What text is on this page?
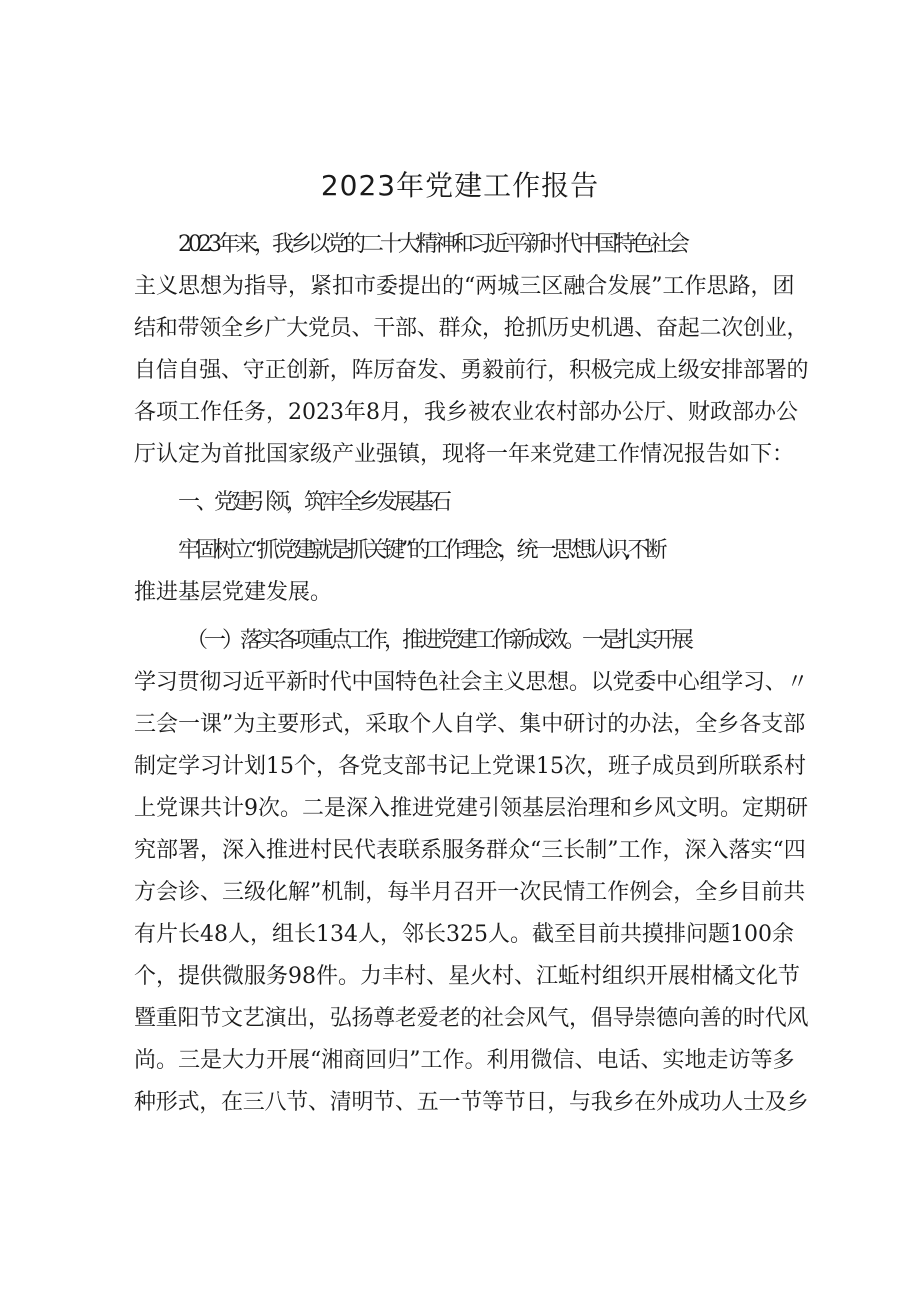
2023年党建工作报告
2023年来，我乡以党的二十大精神和习近平新时代中国特色社会
主义思想为指导，紧扣市委提出的“两城三区融合发展”工作思路，团
结和带领全乡广大党员、干部、群众，抢抓历史机遇、奋起二次创业，
自信自强、守正创新，阵厉奋发、勇毅前行，积极完成上级安排部署的
各项工作任务，2023年8月，我乡被农业农村部办公厅、财政部办公
厅认定为首批国家级产业强镇，现将一年来党建工作情况报告如下：
一、党建引领，筑牢全乡发展基石
牢固树立“抓党建就是抓关键”的工作理念，统一思想认识,不断
推进基层党建发展。
（一）落实各项重点工作，推进党建工作新成效。一是扎实开展
学习贯彻习近平新时代中国特色社会主义思想。以党委中心组学习、〃
三会一课”为主要形式，采取个人自学、集中研讨的办法，全乡各支部
制定学习计划15个，各党支部书记上党课15次，班子成员到所联系村
上党课共计9次。二是深入推进党建引领基层治理和乡风文明。定期研
究部署，深入推进村民代表联系服务群众“三长制”工作，深入落实“四
方会诊、三级化解”机制，每半月召开一次民情工作例会，全乡目前共
有片长48人，组长134人，邻长325人。截至目前共摸排问题100余
个，提供微服务98件。力丰村、星火村、江蚯村组织开展柑橘文化节
暨重阳节文艺演出，弘扬尊老爱老的社会风气，倡导崇德向善的时代风
尚。三是大力开展“湘商回归”工作。利用微信、电话、实地走访等多
种形式，在三八节、清明节、五一节等节日，与我乡在外成功人士及乡
